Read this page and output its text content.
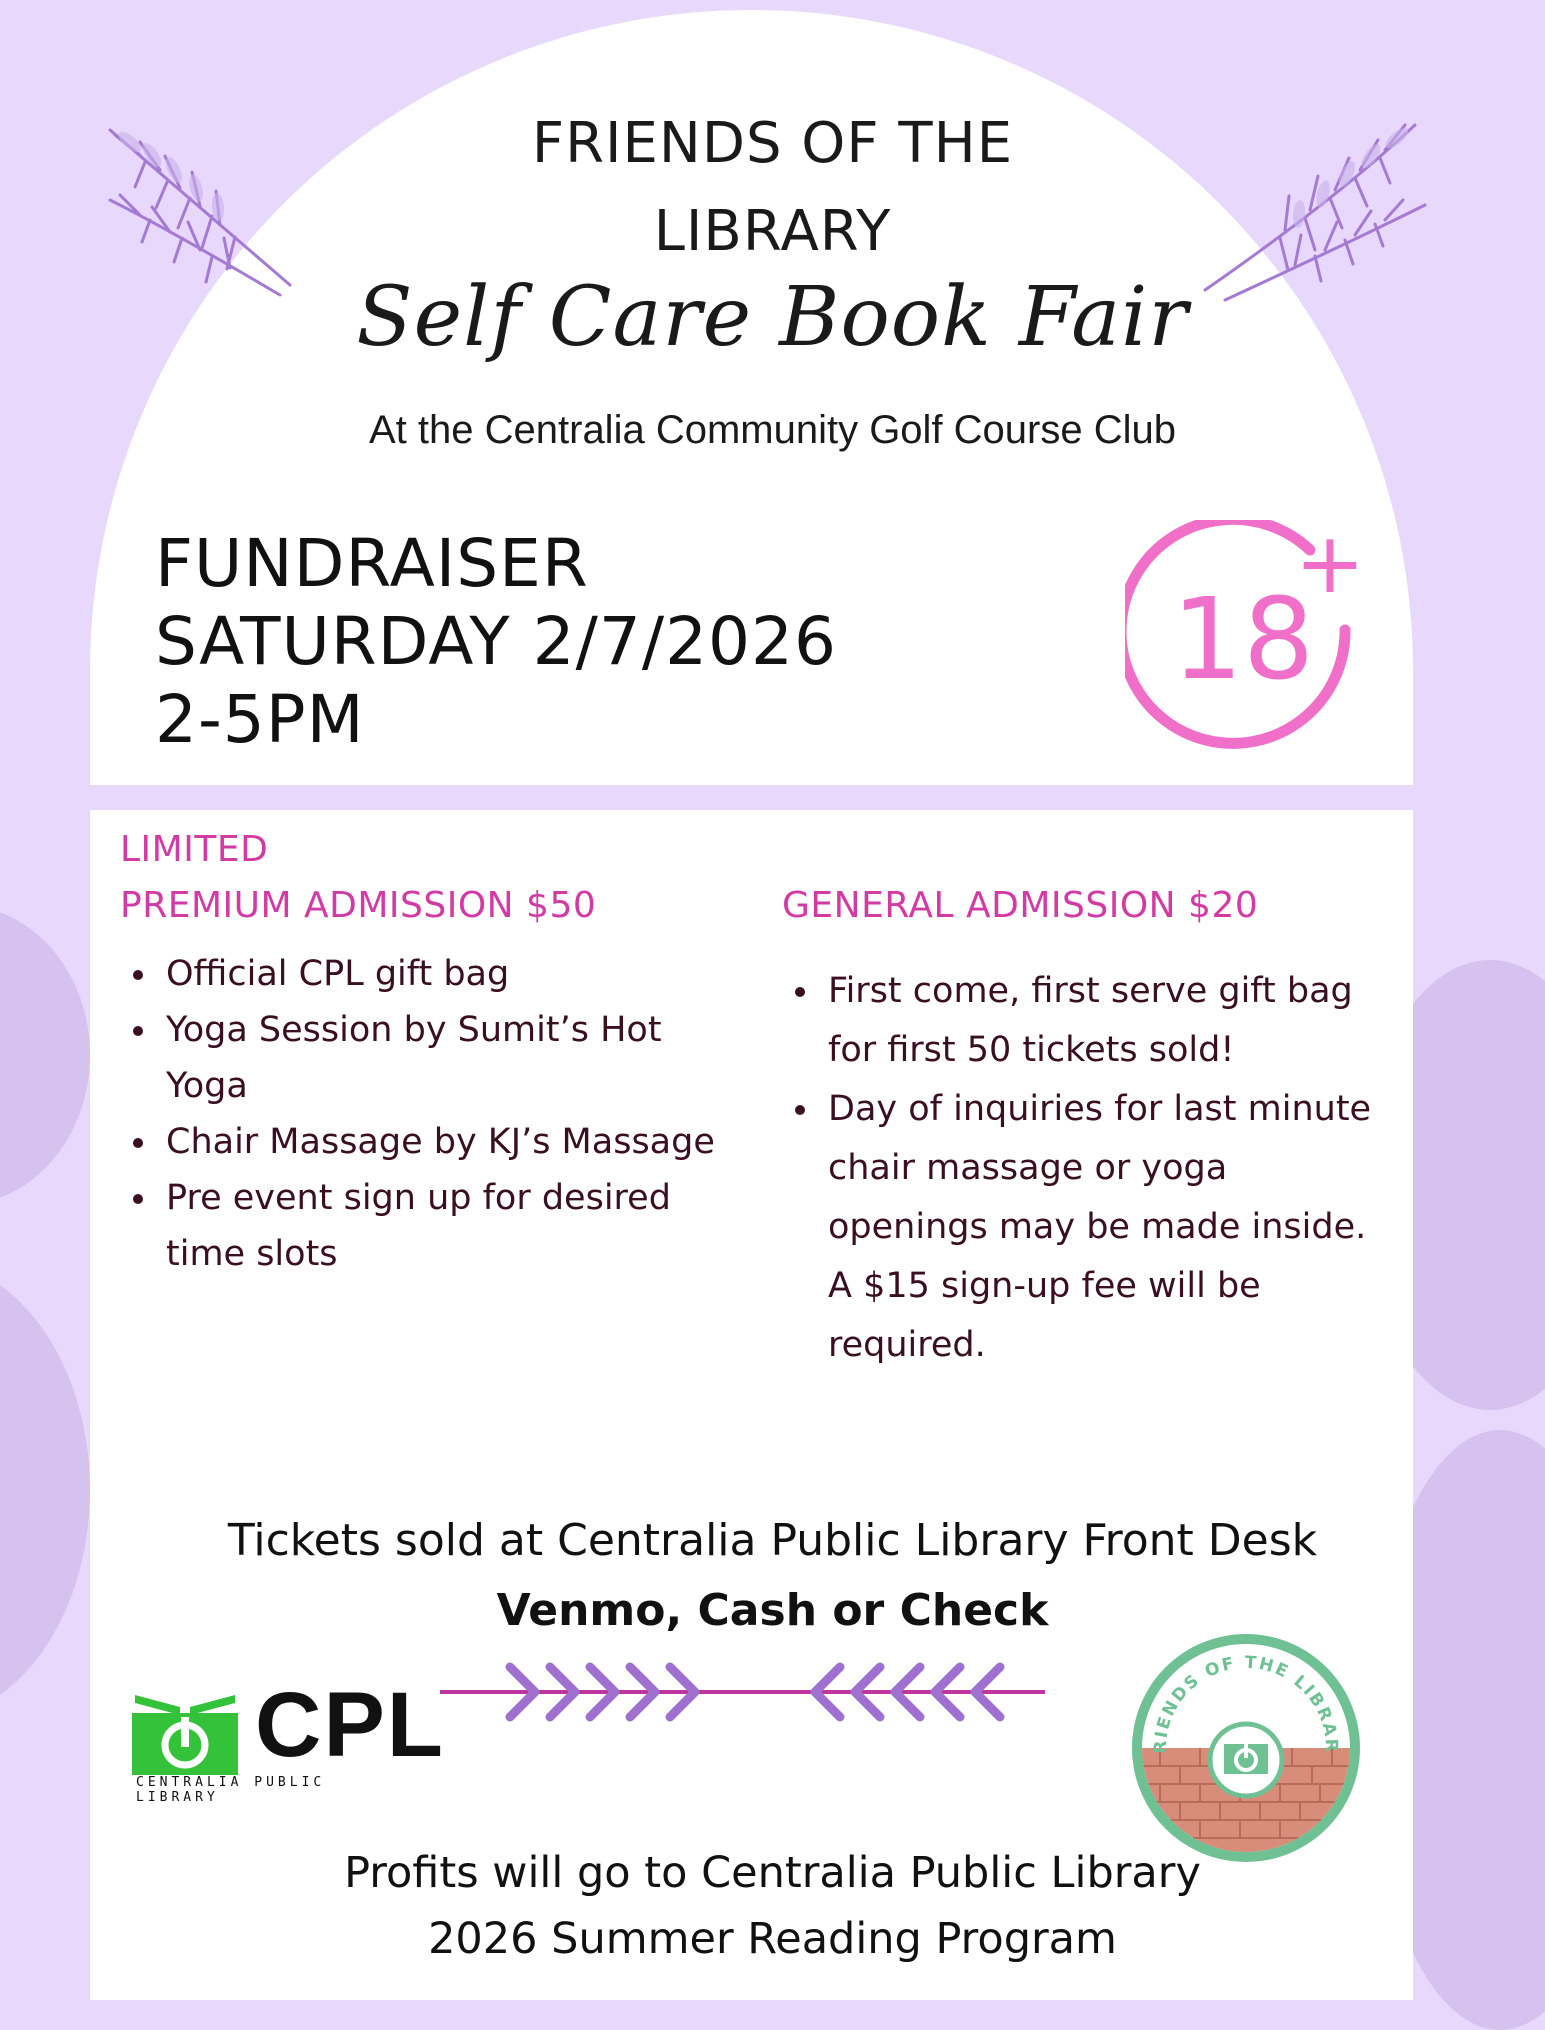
FRIENDS OF THE
LIBRARY
Self Care Book Fair
At the Centralia Community Golf Course Club
FUNDRAISER
SATURDAY 2/7/2026
2-5PM
18
+
LIMITED
PREMIUM ADMISSION $50
• Official CPL gift bag
• Yoga Session by Sumit’s Hot Yoga
• Chair Massage by KJ’s Massage
• Pre event sign up for desired time slots
GENERAL ADMISSION $20
• First come, first serve gift bag for first 50 tickets sold!
• Day of inquiries for last minute chair massage or yoga openings may be made inside. A $15 sign-up fee will be required.
Tickets sold at Centralia Public Library Front Desk
Venmo, Cash or Check
CPL
CENTRALIA PUBLIC LIBRARY
RIENDS OF THE LIBRAR
Profits will go to Centralia Public Library
2026 Summer Reading Program
